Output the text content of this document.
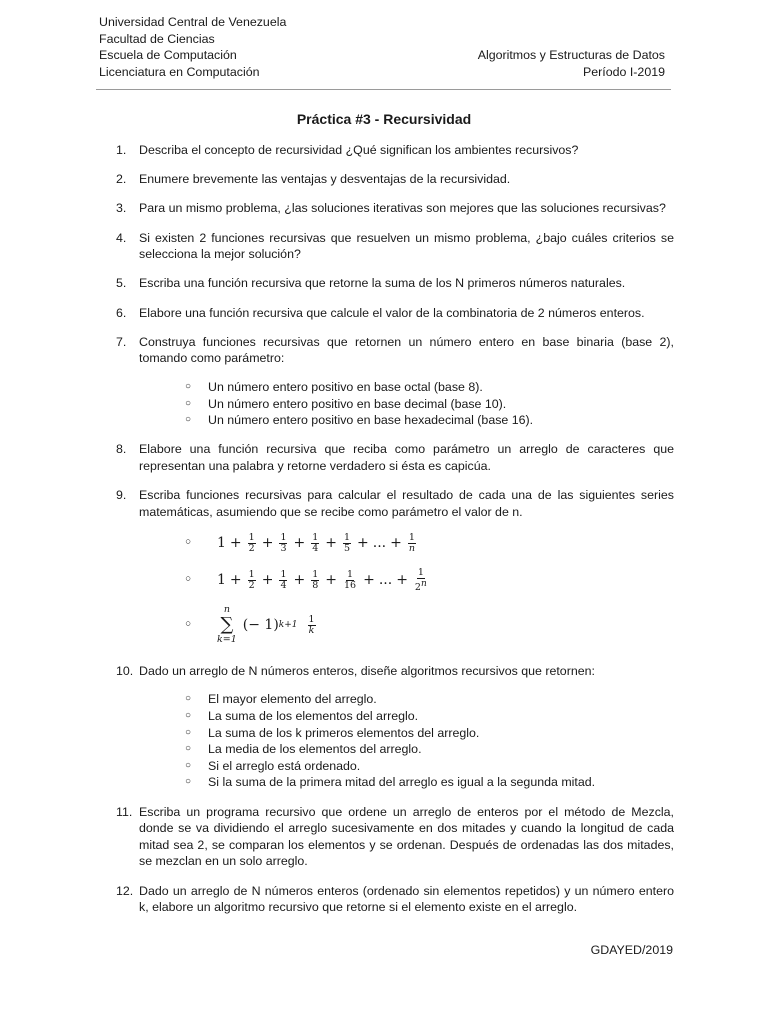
Universidad Central de Venezuela
Facultad de Ciencias
Escuela de Computación
Licenciatura en Computación
Algoritmos y Estructuras de Datos
Período I-2019
Práctica #3 - Recursividad
1. Describa el concepto de recursividad ¿Qué significan los ambientes recursivos?
2. Enumere brevemente las ventajas y desventajas de la recursividad.
3. Para un mismo problema, ¿las soluciones iterativas son mejores que las soluciones recursivas?
4. Si existen 2 funciones recursivas que resuelven un mismo problema, ¿bajo cuáles criterios se selecciona la mejor solución?
5. Escriba una función recursiva que retorne la suma de los N primeros números naturales.
6. Elabore una función recursiva que calcule el valor de la combinatoria de 2 números enteros.
7. Construya funciones recursivas que retornen un número entero en base binaria (base 2), tomando como parámetro:
○ Un número entero positivo en base octal (base 8).
○ Un número entero positivo en base decimal (base 10).
○ Un número entero positivo en base hexadecimal (base 16).
8. Elabore una función recursiva que reciba como parámetro un arreglo de caracteres que representan una palabra y retorne verdadero si ésta es capicúa.
9. Escriba funciones recursivas para calcular el resultado de cada una de las siguientes series matemáticas, asumiendo que se recibe como parámetro el valor de n.
○ $1 + \frac{1}{2} + \frac{1}{3} + \frac{1}{4} + \frac{1}{5}$ + ... + $\frac{1}{n}$
○ $1 + \frac{1}{2} + \frac{1}{4} + \frac{1}{8} + \frac{1}{16}$ + ... + $\frac{1}{2^n}$
○
n
∑
k=1
(− 1) $k+1 \frac{1}{k}$
10. Dado un arreglo de N números enteros, diseñe algoritmos recursivos que retornen:
○ El mayor elemento del arreglo.
○ La suma de los elementos del arreglo.
○ La suma de los k primeros elementos del arreglo.
○ La media de los elementos del arreglo.
○ Si el arreglo está ordenado.
○ Si la suma de la primera mitad del arreglo es igual a la segunda mitad.
11. Escriba un programa recursivo que ordene un arreglo de enteros por el método de Mezcla, donde se va dividiendo el arreglo sucesivamente en dos mitades y cuando la longitud de cada mitad sea 2, se comparan los elementos y se ordenan. Después de ordenadas las dos mitades, se mezclan en un solo arreglo.
12. Dado un arreglo de N números enteros (ordenado sin elementos repetidos) y un número entero k, elabore un algoritmo recursivo que retorne si el elemento existe en el arreglo.
GDAYED/2019
